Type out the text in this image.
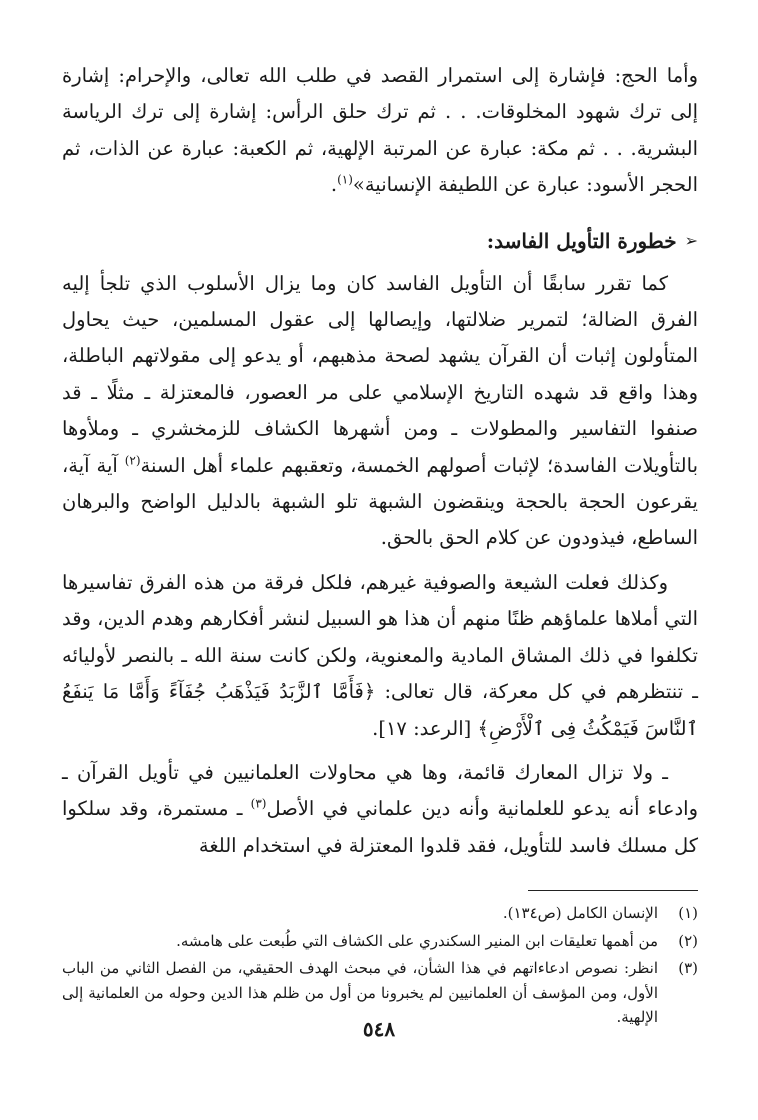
وأما الحج: فإشارة إلى استمرار القصد في طلب الله تعالى، والإحرام: إشارة إلى ترك شهود المخلوقات. . . ثم ترك حلق الرأس: إشارة إلى ترك الرياسة البشرية. . . ثم مكة: عبارة عن المرتبة الإلهية، ثم الكعبة: عبارة عن الذات، ثم الحجر الأسود: عبارة عن اللطيفة الإنسانية»$^{(١)}$.

➢
خطورة التأويل الفاسد:

كما تقرر سابقًا أن التأويل الفاسد كان وما يزال الأسلوب الذي تلجأ إليه الفرق الضالة؛ لتمرير ضلالتها، وإيصالها إلى عقول المسلمين، حيث يحاول المتأولون إثبات أن القرآن يشهد لصحة مذهبهم، أو يدعو إلى مقولاتهم الباطلة، وهذا واقع قد شهده التاريخ الإسلامي على مر العصور، فالمعتزلة ـ مثلًا ـ قد صنفوا التفاسير والمطولات ـ ومن أشهرها الكشاف للزمخشري ـ وملأوها بالتأويلات الفاسدة؛ لإثبات أصولهم الخمسة، وتعقبهم علماء أهل السنة$^{(٢)}$ آية آية، يقرعون الحجة بالحجة وينقضون الشبهة تلو الشبهة بالدليل الواضح والبرهان الساطع، فيذودون عن كلام الحق بالحق.

وكذلك فعلت الشيعة والصوفية غيرهم، فلكل فرقة من هذه الفرق تفاسيرها التي أملاها علماؤهم ظنًا منهم أن هذا هو السبيل لنشر أفكارهم وهدم الدين، وقد تكلفوا في ذلك المشاق المادية والمعنوية، ولكن كانت سنة الله ـ بالنصر لأوليائه ـ تنتظرهم في كل معركة، قال تعالى: ﴿فَأَمَّا ٱلزَّبَدُ فَيَذْهَبُ جُفَآءً وَأَمَّا مَا يَنفَعُ ٱلنَّاسَ فَيَمْكُثُ فِى ٱلْأَرْضِ﴾ [الرعد: ١٧].

ـ ولا تزال المعارك قائمة، وها هي محاولات العلمانيين في تأويل القرآن ـ وادعاء أنه يدعو للعلمانية وأنه دين علماني في الأصل$^{(٣)}$ ـ مستمرة، وقد سلكوا كل مسلك فاسد للتأويل، فقد قلدوا المعتزلة في استخدام اللغة

(١)
الإنسان الكامل (ص١٣٤).
(٢)
من أهمها تعليقات ابن المنير السكندري على الكشاف التي طُبعت على هامشه.
(٣)
انظر: نصوص ادعاءاتهم في هذا الشأن، في مبحث الهدف الحقيقي، من الفصل الثاني من الباب الأول، ومن المؤسف أن العلمانيين لم يخبرونا من أول من ظلم هذا الدين وحوله من العلمانية إلى الإلهية.
٥٤٨
